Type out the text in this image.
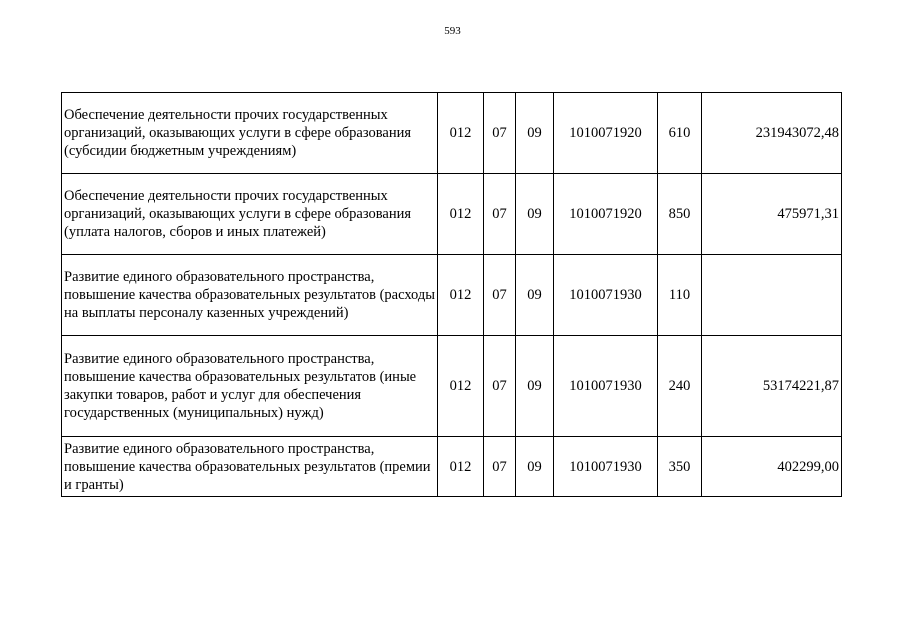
593
Обеспечение деятельности прочих государственных организаций, оказывающих услуги в сфере образования (субсидии бюджетным учреждениям)	012	07	09	1010071920	610	231943072,48
Обеспечение деятельности прочих государственных организаций, оказывающих услуги в сфере образования (уплата налогов, сборов и иных платежей)	012	07	09	1010071920	850	475971,31
Развитие единого образовательного пространства, повышение качества образовательных результатов (расходы на выплаты персоналу казенных учреждений)	012	07	09	1010071930	110	
Развитие единого образовательного пространства, повышение качества образовательных результатов (иные закупки товаров, работ и услуг для обеспечения государственных (муниципальных) нужд)	012	07	09	1010071930	240	53174221,87
Развитие единого образовательного пространства, повышение качества образовательных результатов (премии и гранты)	012	07	09	1010071930	350	402299,00
